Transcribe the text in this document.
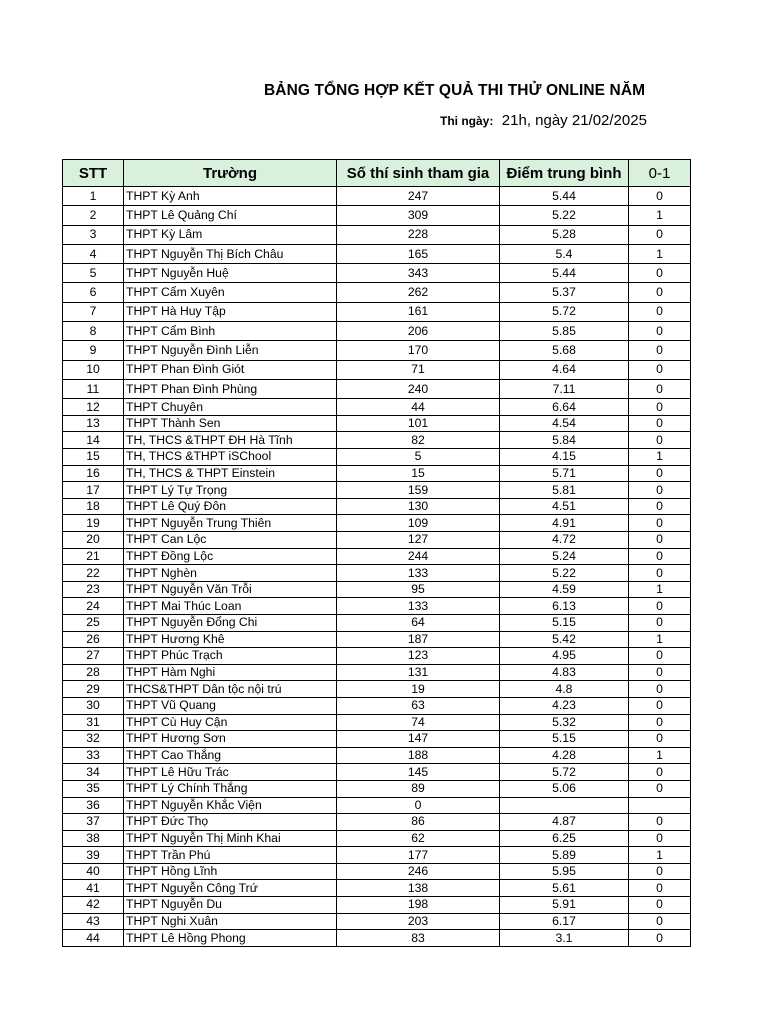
BẢNG TỔNG HỢP KẾT QUẢ THI THỬ ONLINE NĂM
Thi ngày: 21h, ngày 21/02/2025
STT	Trường	Số thí sinh tham gia	Điểm trung bình	0-1
1	THPT Kỳ Anh	247	5.44	0
2	THPT Lê Quảng Chí	309	5.22	1
3	THPT Kỳ Lâm	228	5.28	0
4	THPT Nguyễn Thị Bích Châu	165	5.4	1
5	THPT Nguyễn Huệ	343	5.44	0
6	THPT Cẩm Xuyên	262	5.37	0
7	THPT Hà Huy Tập	161	5.72	0
8	THPT Cẩm Bình	206	5.85	0
9	THPT Nguyễn Đình Liễn	170	5.68	0
10	THPT Phan Đình Giót	71	4.64	0
11	THPT Phan Đình Phùng	240	7.11	0
12	THPT Chuyên	44	6.64	0
13	THPT Thành Sen	101	4.54	0
14	TH, THCS &THPT ĐH Hà Tĩnh	82	5.84	0
15	TH, THCS &THPT iSChool	5	4.15	1
16	TH, THCS & THPT Einstein	15	5.71	0
17	THPT Lý Tự Trọng	159	5.81	0
18	THPT Lê Quý Đôn	130	4.51	0
19	THPT Nguyễn Trung Thiên	109	4.91	0
20	THPT Can Lộc	127	4.72	0
21	THPT Đồng Lộc	244	5.24	0
22	THPT Nghèn	133	5.22	0
23	THPT Nguyễn Văn Trỗi	95	4.59	1
24	THPT Mai Thúc Loan	133	6.13	0
25	THPT Nguyễn Đổng Chi	64	5.15	0
26	THPT Hương Khê	187	5.42	1
27	THPT Phúc Trạch	123	4.95	0
28	THPT Hàm Nghi	131	4.83	0
29	THCS&THPT Dân tộc nội trú	19	4.8	0
30	THPT Vũ Quang	63	4.23	0
31	THPT Cù Huy Cận	74	5.32	0
32	THPT Hương Sơn	147	5.15	0
33	THPT Cao Thắng	188	4.28	1
34	THPT Lê Hữu Trác	145	5.72	0
35	THPT Lý Chính Thắng	89	5.06	0
36	THPT Nguyễn Khắc Viện	0		
37	THPT Đức Thọ	86	4.87	0
38	THPT Nguyễn Thị Minh Khai	62	6.25	0
39	THPT Trần Phú	177	5.89	1
40	THPT Hồng Lĩnh	246	5.95	0
41	THPT Nguyễn Công Trứ	138	5.61	0
42	THPT Nguyễn Du	198	5.91	0
43	THPT Nghi Xuân	203	6.17	0
44	THPT Lê Hồng Phong	83	3.1	0
